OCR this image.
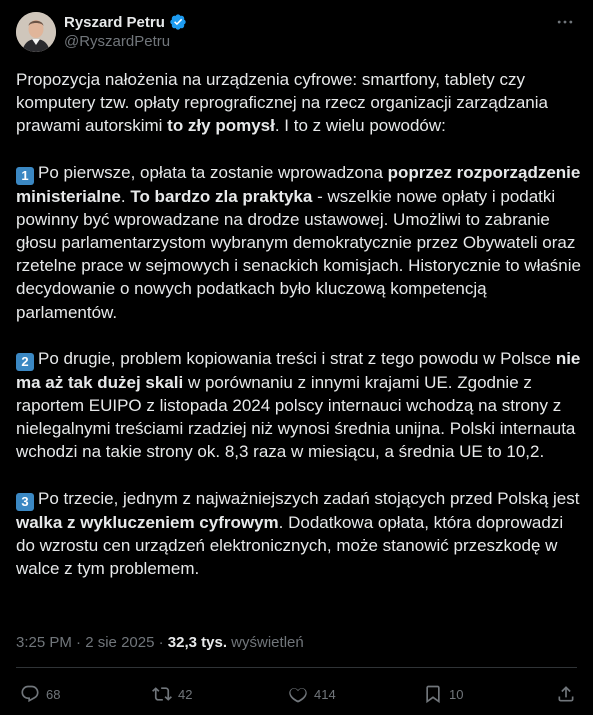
Ryszard Petru
@RyszardPetru

Propozycja nałożenia na urządzenia cyfrowe: smartfony, tablety czy komputery tzw. opłaty reprograficznej na rzecz organizacji zarządzania prawami autorskimi to zły pomysł. I to z wielu powodów:

1 Po pierwsze, opłata ta zostanie wprowadzona poprzez rozporządzenie ministerialne. To bardzo zla praktyka - wszelkie nowe opłaty i podatki powinny być wprowadzane na drodze ustawowej. Umożliwi to zabranie głosu parlamentarzystom wybranym demokratycznie przez Obywateli oraz rzetelne prace w sejmowych i senackich komisjach. Historycznie to właśnie decydowanie o nowych podatkach było kluczową kompetencją parlamentów.

2 Po drugie, problem kopiowania treści i strat z tego powodu w Polsce nie ma aż tak dużej skali w porównaniu z innymi krajami UE. Zgodnie z raportem EUIPO z listopada 2024 polscy internauci wchodzą na strony z nielegalnymi treściami rzadziej niż wynosi średnia unijna. Polski internauta wchodzi na takie strony ok. 8,3 raza w miesiącu, a średnia UE to 10,2.

3 Po trzecie, jednym z najważniejszych zadań stojących przed Polską jest walka z wykluczeniem cyfrowym. Dodatkowa opłata, która doprowadzi do wzrostu cen urządzeń elektronicznych, może stanowić przeszkodę w walce z tym problemem.

3:25 PM · 2 sie 2025 · 32,3 tys. wyświetleń
68	42	414	10
